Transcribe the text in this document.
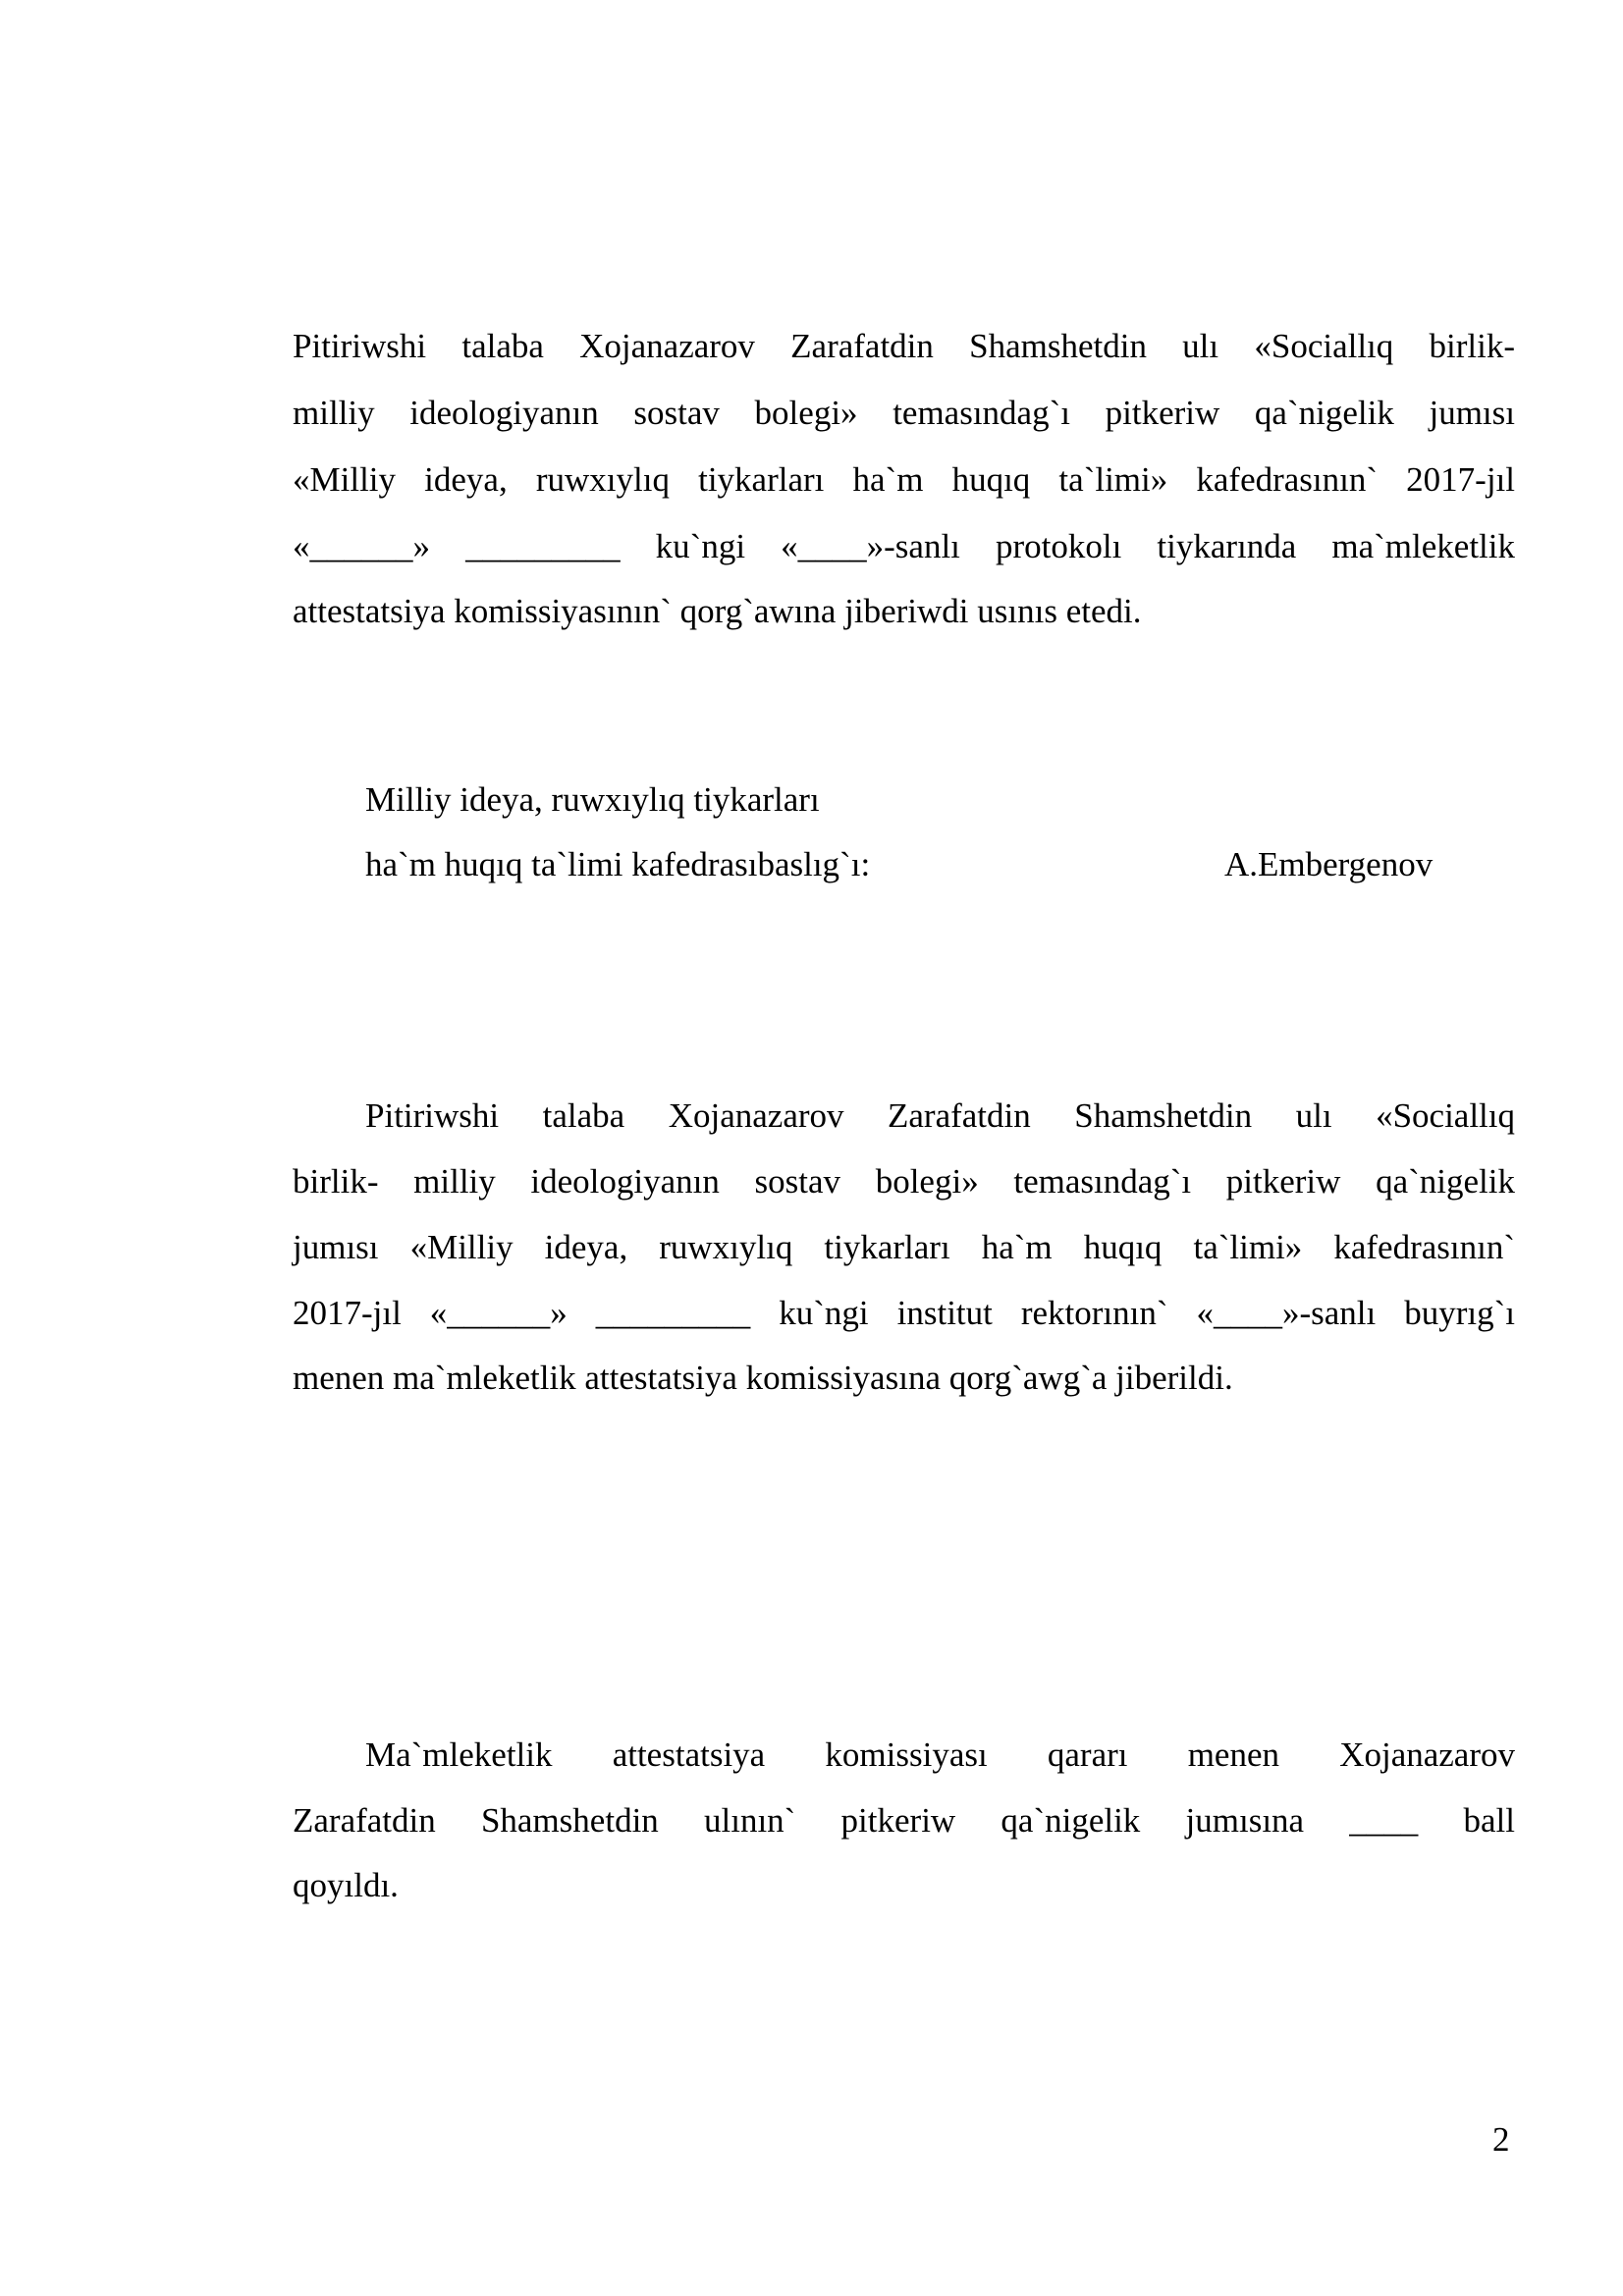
Pitiriwshi talaba Xojanazarov Zarafatdin Shamshetdin ulı «Sociallıq birlik-
milliy ideologiyanın sostav bolegi» temasındag`ı pitkeriw qa`nigelik jumısı
«Milliy ideya, ruwxıylıq tiykarları ha`m huqıq ta`limi» kafedrasının` 2017-jıl
«______» _________ ku`ngi «____»-sanlı protokolı tiykarında ma`mleketlik
attestatsiya komissiyasının` qorg`awına jiberiwdi usınıs etedi.
Milliy ideya, ruwxıylıq tiykarları
ha`m huqıq ta`limi kafedrasıbaslıg`ı:	A.Embergenov
Pitiriwshi talaba Xojanazarov Zarafatdin Shamshetdin ulı «Sociallıq
birlik- milliy ideologiyanın sostav bolegi» temasındag`ı pitkeriw qa`nigelik
jumısı «Milliy ideya, ruwxıylıq tiykarları ha`m huqıq ta`limi» kafedrasının`
2017-jıl «______» _________ ku`ngi institut rektorının` «____»-sanlı buyrıg`ı
menen ma`mleketlik attestatsiya komissiyasına qorg`awg`a jiberildi.
Ma`mleketlik attestatsiya komissiyası qararı menen Xojanazarov
Zarafatdin Shamshetdin ulının` pitkeriw qa`nigelik jumısına ____ ball
qoyıldı.
2
